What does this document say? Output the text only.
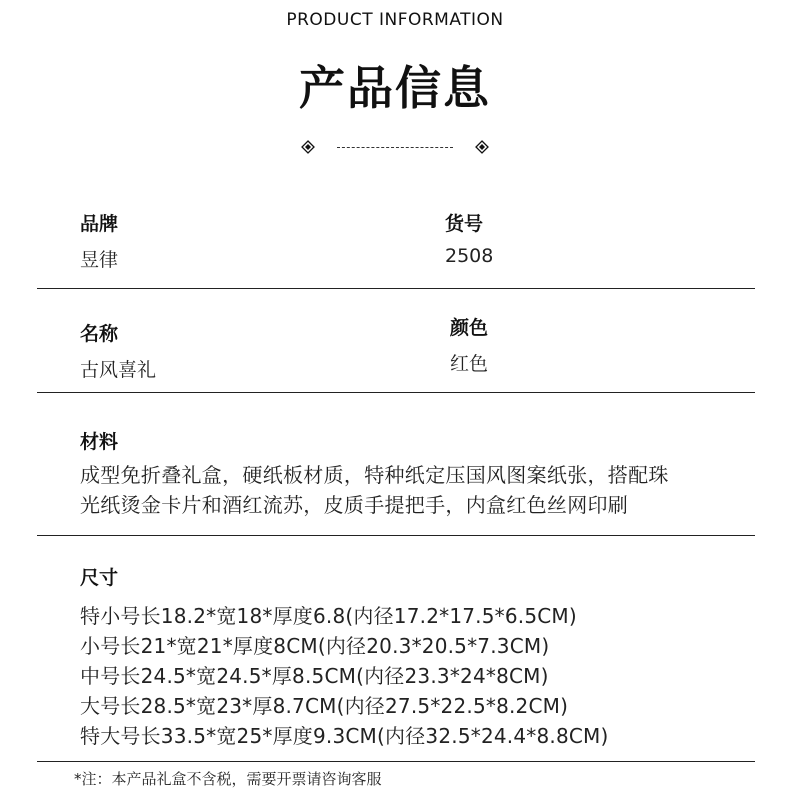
PRODUCT INFORMATION
产品信息
品牌
昱律
货号
2508
名称
古风喜礼
颜色
红色
材料
成型免折叠礼盒，硬纸板材质，特种纸定压国风图案纸张，搭配珠
光纸烫金卡片和酒红流苏，皮质手提把手，内盒红色丝网印刷
尺寸
特小号长18.2*宽18*厚度6.8(内径17.2*17.5*6.5CM)
小号长21*宽21*厚度8CM(内径20.3*20.5*7.3CM)
中号长24.5*宽24.5*厚8.5CM(内径23.3*24*8CM)
大号长28.5*宽23*厚8.7CM(内径27.5*22.5*8.2CM)
特大号长33.5*宽25*厚度9.3CM(内径32.5*24.4*8.8CM)
*注：本产品礼盒不含税，需要开票请咨询客服
